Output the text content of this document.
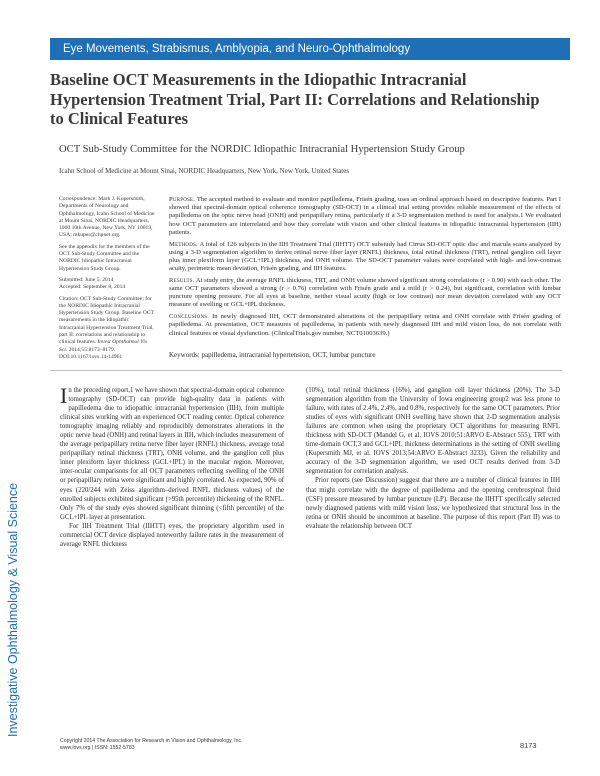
Eye Movements, Strabismus, Amblyopia, and Neuro-Ophthalmology
Investigative Ophthalmology & Visual Science
Baseline OCT Measurements in the Idiopathic Intracranial Hypertension Treatment Trial, Part II: Correlations and Relationship to Clinical Features
OCT Sub-Study Committee for the NORDIC Idiopathic Intracranial Hypertension Study Group
Icahn School of Medicine at Mount Sinai, NORDIC Headquarters, New York, New York, United States

Correspondence: Mark J. Kupersmith, Departments of Neurology and Ophthalmology, Icahn School of Medicine at Mount Sinai, NORDIC Headquarters, 1000 10th Avenue, New York, NY 10019, USA; mkuper@chpnet.org.

See the appendix for the members of the OCT Sub-Study Committee and the NORDIC Idiopathic Intracranial Hypertension Study Group.

Submitted: June 5, 2014

Accepted: September 8, 2014

Citation: OCT Sub-Study Committee; for the NORDIC Idiopathic Intracranial Hypertension Study Group. Baseline OCT measurements in the Idiopathic Intracranial Hypertension Treatment Trial, part II: correlations and relationship to clinical features. Invest Ophthalmol Vis Sci. 2014;55:8173–8179. DOI:10.1167/iovs.14-14961

Purpose. The accepted method to evaluate and monitor papilledema, Frisén grading, uses an ordinal approach based on descriptive features. Part I showed that spectral-domain optical coherence tomography (SD-OCT) in a clinical trial setting provides reliable measurement of the effects of papilledema on the optic nerve head (ONH) and peripapillary retina, particularly if a 3-D segmentation method is used for analysis.1 We evaluated how OCT parameters are interrelated and how they correlate with vision and other clinical features in idiopathic intracranial hypertension (IIH) patients.

Methods. A total of 126 subjects in the IIH Treatment Trial (IIHTT) OCT substudy had Cirrus SD-OCT optic disc and macula scans analyzed by using a 3-D segmentation algorithm to derive retinal nerve fiber layer (RNFL) thickness, total retinal thickness (TRT), retinal ganglion cell layer plus inner plexiform layer (GCL+IPL) thickness, and ONH volume. The SD-OCT parameter values were correlated with high- and low-contrast acuity, perimetric mean deviation, Frisén grading, and IIH features.

Results. At study entry, the average RNFL thickness, TRT, and ONH volume showed significant strong correlations (r > 0.90) with each other. The same OCT parameters showed a strong (r > 0.76) correlation with Frisén grade and a mild (r > 0.24), but significant, correlation with lumbar puncture opening pressure. For all eyes at baseline, neither visual acuity (high or low contrast) nor mean deviation correlated with any OCT measure of swelling or GCL+IPL thickness.

Conclusions. In newly diagnosed IIH, OCT demonstrated alterations of the peripapillary retina and ONH correlate with Frisén grading of papilledema. At presentation, OCT measures of papilledema, in patients with newly diagnosed IIH and mild vision loss, do not correlate with clinical features or visual dysfunction. (ClinicalTrials.gov number, NCT01003639.)

Keywords: papilledema, intracranial hypertension, OCT, lumbar puncture

In the preceding report,1 we have shown that spectral-domain optical coherence tomography (SD-OCT) can provide high-quality data in patients with papilledema due to idiopathic intracranial hypertension (IIH), from multiple clinical sites working with an experienced OCT reading center. Optical coherence tomography imaging reliably and reproducibly demonstrates alterations in the optic nerve head (ONH) and retinal layers in IIH, which includes measurement of the average peripapillary retina nerve fiber layer (RNFL) thickness, average total peripapillary retinal thickness (TRT), ONH volume, and the ganglion cell plus inner plexiform layer thickness (GCL+IPL) in the macular region. Moreover, inter-ocular comparisons for all OCT parameters reflecting swelling of the ONH or peripapillary retina were significant and highly correlated. As expected, 90% of eyes (220/244 with Zeiss algorithm–derived RNFL thickness values) of the enrolled subjects exhibited significant (>95th percentile) thickening of the RNFL. Only 7% of the study eyes showed significant thinning (<fifth percentile) of the GCL+IPL layer at presentation.

For IIH Treatment Trial (IIHTT) eyes, the proprietary algorithm used in commercial OCT device displayed noteworthy failure rates in the measurement of average RNFL thickness

(10%), total retinal thickness (16%), and ganglion cell layer thickness (20%). The 3-D segmentation algorithm from the University of Iowa engineering group2 was less prone to failure, with rates of 2.4%, 2.4%, and 0.8%, respectively for the same OCT parameters. Prior studies of eyes with significant ONH swelling have shown that 2-D segmentation analysis failures are common when using the proprietary OCT algorithms for measuring RNFL thickness with SD-OCT (Mandel G, et al. IOVS 2010;51:ARVO E-Abstract 555), TRT with time-domain OCT,3 and GCL+IPL thickness determinations in the setting of ONH swelling (Kupersmith MJ, et al. IOVS 2013;54:ARVO E-Abstract 3233). Given the reliability and accuracy of the 3-D segmentation algorithm, we used OCT results derived from 3-D segmentation for correlation analysis.

Prior reports (see Discussion) suggest that there are a number of clinical features in IIH that might correlate with the degree of papilledema and the opening cerebrospinal fluid (CSF) pressure measured by lumbar puncture (LP). Because the IIHTT specifically selected newly diagnosed patients with mild vision loss, we hypothesized that structural loss in the retina or ONH should be uncommon at baseline. The purpose of this report (Part II) was to evaluate the relationship between OCT

Copyright 2014 The Association for Research in Vision and Ophthalmology, Inc.
www.iovs.org | ISSN: 1552-5783	8173
